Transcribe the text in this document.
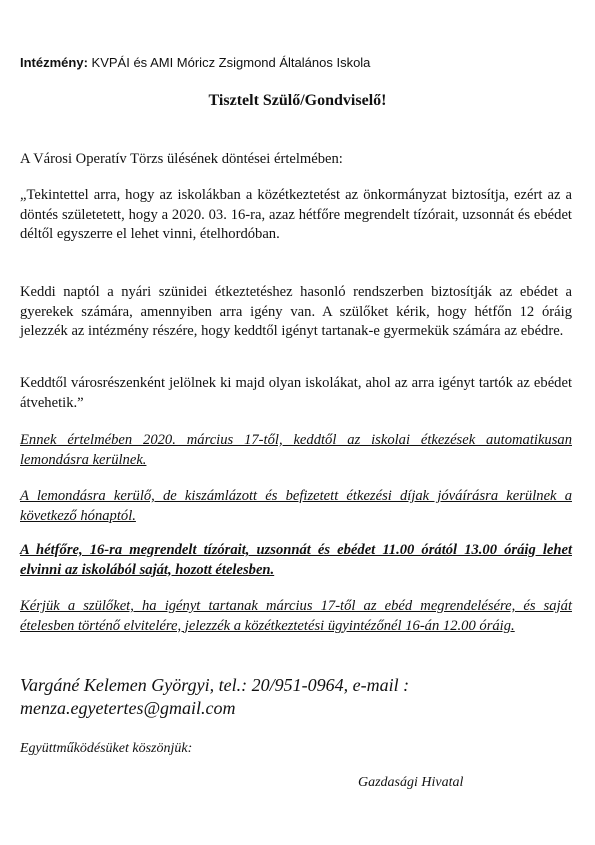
Intézmény: KVPÁI és AMI Móricz Zsigmond Általános Iskola
Tisztelt Szülő/Gondviselő!
A Városi Operatív Törzs ülésének döntései értelmében:
„Tekintettel arra, hogy az iskolákban a közétkeztetést az önkormányzat biztosítja, ezért az a döntés születetett, hogy a 2020. 03. 16-ra, azaz hétfőre megrendelt tízórait, uzsonnát és ebédet déltől egyszerre el lehet vinni, ételhordóban.
Keddi naptól a nyári szünidei étkeztetéshez hasonló rendszerben biztosítják az ebédet a gyerekek számára, amennyiben arra igény van. A szülőket kérik, hogy hétfőn 12 óráig jelezzék az intézmény részére, hogy keddtől igényt tartanak-e gyermekük számára az ebédre.
Keddtől városrészenként jelölnek ki majd olyan iskolákat, ahol az arra igényt tartók az ebédet átvehetik.”
Ennek értelmében 2020. március 17-től, keddtől az iskolai étkezések automatikusan lemondásra kerülnek.
A lemondásra kerülő, de kiszámlázott és befizetett étkezési díjak jóváírásra kerülnek a következő hónaptól.
A hétfőre, 16-ra megrendelt tízórait, uzsonnát és ebédet 11.00 órától 13.00 óráig lehet elvinni az iskolából saját, hozott ételesben.
Kérjük a szülőket, ha igényt tartanak március 17-től az ebéd megrendelésére, és saját ételesben történő elvitelére, jelezzék a közétkeztetési ügyintézőnél 16-án 12.00 óráig.
Vargáné Kelemen Györgyi, tel.: 20/951-0964, e-mail :
menza.egyetertes@gmail.com
Együttműködésüket köszönjük:
Gazdasági Hivatal
